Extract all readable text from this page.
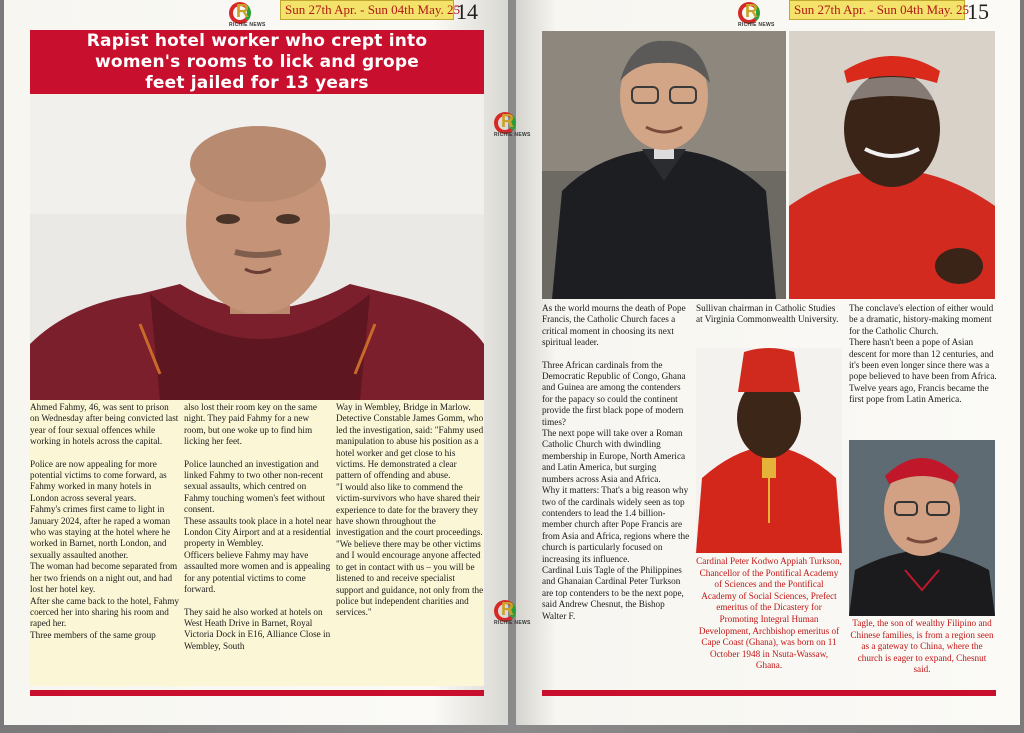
R
RICHIE NEWS
Sun 27th Apr. - Sun 04th May. 25
14
Rapist hotel worker who crept into
women's rooms to lick and grope
feet jailed for 13 years

Ahmed Fahmy, 46, was sent to prison on Wednesday after being convicted last year of four sexual offences while working in hotels across the capital.

Police are now appealing for more potential victims to come forward, as Fahmy worked in many hotels in London across several years.

Fahmy's crimes first came to light in January 2024, after he raped a woman who was staying at the hotel where he worked in Barnet, north London, and sexually assaulted another.

The woman had become separated from her two friends on a night out, and had lost her hotel key.

After she came back to the hotel, Fahmy coerced her into sharing his room and raped her.

Three members of the same group

also lost their room key on the same night. They paid Fahmy for a new room, but one woke up to find him licking her feet.

Police launched an investigation and linked Fahmy to two other non-recent sexual assaults, which centred on Fahmy touching women's feet without consent.

These assaults took place in a hotel near London City Airport and at a residential property in Wembley.

Officers believe Fahmy may have assaulted more women and is appealing for any potential victims to come forward.

They said he also worked at hotels on West Heath Drive in Barnet, Royal Victoria Dock in E16, Alliance Close in Wembley, South

Way in Wembley, Bridge in Marlow.

Detective Constable James Gomm, who led the investigation, said: "Fahmy used manipulation to abuse his position as a hotel worker and get close to his victims. He demonstrated a clear pattern of offending and abuse.

"I would also like to commend the victim-survivors who have shared their experience to date for the bravery they have shown throughout the investigation and the court proceedings.

"We believe there may be other victims and I would encourage anyone affected to get in contact with us – you will be listened to and receive specialist support and guidance, not only from the police but independent charities and services."

R
RICHIE NEWS
Sun 27th Apr. - Sun 04th May. 25
15
R
RICHIE NEWS
R
RICHIE NEWS

As the world mourns the death of Pope Francis, the Catholic Church faces a critical moment in choosing its next spiritual leader.

Three African cardinals from the Democratic Republic of Congo, Ghana and Guinea are among the contenders for the papacy so could the continent provide the first black pope of modern times?

The next pope will take over a Roman Catholic Church with dwindling membership in Europe, North America and Latin America, but surging numbers across Asia and Africa.

Why it matters: That's a big reason why two of the cardinals widely seen as top contenders to lead the 1.4 billion-member church after Pope Francis are from Asia and Africa, regions where the church is particularly focused on increasing its influence.

Cardinal Luis Tagle of the Philippines and Ghanaian Cardinal Peter Turkson are top contenders to be the next pope, said Andrew Chesnut, the Bishop Walter F.

Sullivan chairman in Catholic Studies at Virginia Commonwealth University.

Cardinal Peter Kodwo Appiah Turkson, Chancellor of the Pontifical Academy of Sciences and the Pontifical Academy of Social Sciences, Prefect emeritus of the Dicastery for Promoting Integral Human Development, Archbishop emeritus of Cape Coast (Ghana), was born on 11 October 1948 in Nsuta-Wassaw, Ghana.

The conclave's election of either would be a dramatic, history-making moment for the Catholic Church.

There hasn't been a pope of Asian descent for more than 12 centuries, and it's been even longer since there was a pope believed to have been from Africa. Twelve years ago, Francis became the first pope from Latin America.

Tagle, the son of wealthy Filipino and Chinese families, is from a region seen as a gateway to China, where the church is eager to expand, Chesnut said.
